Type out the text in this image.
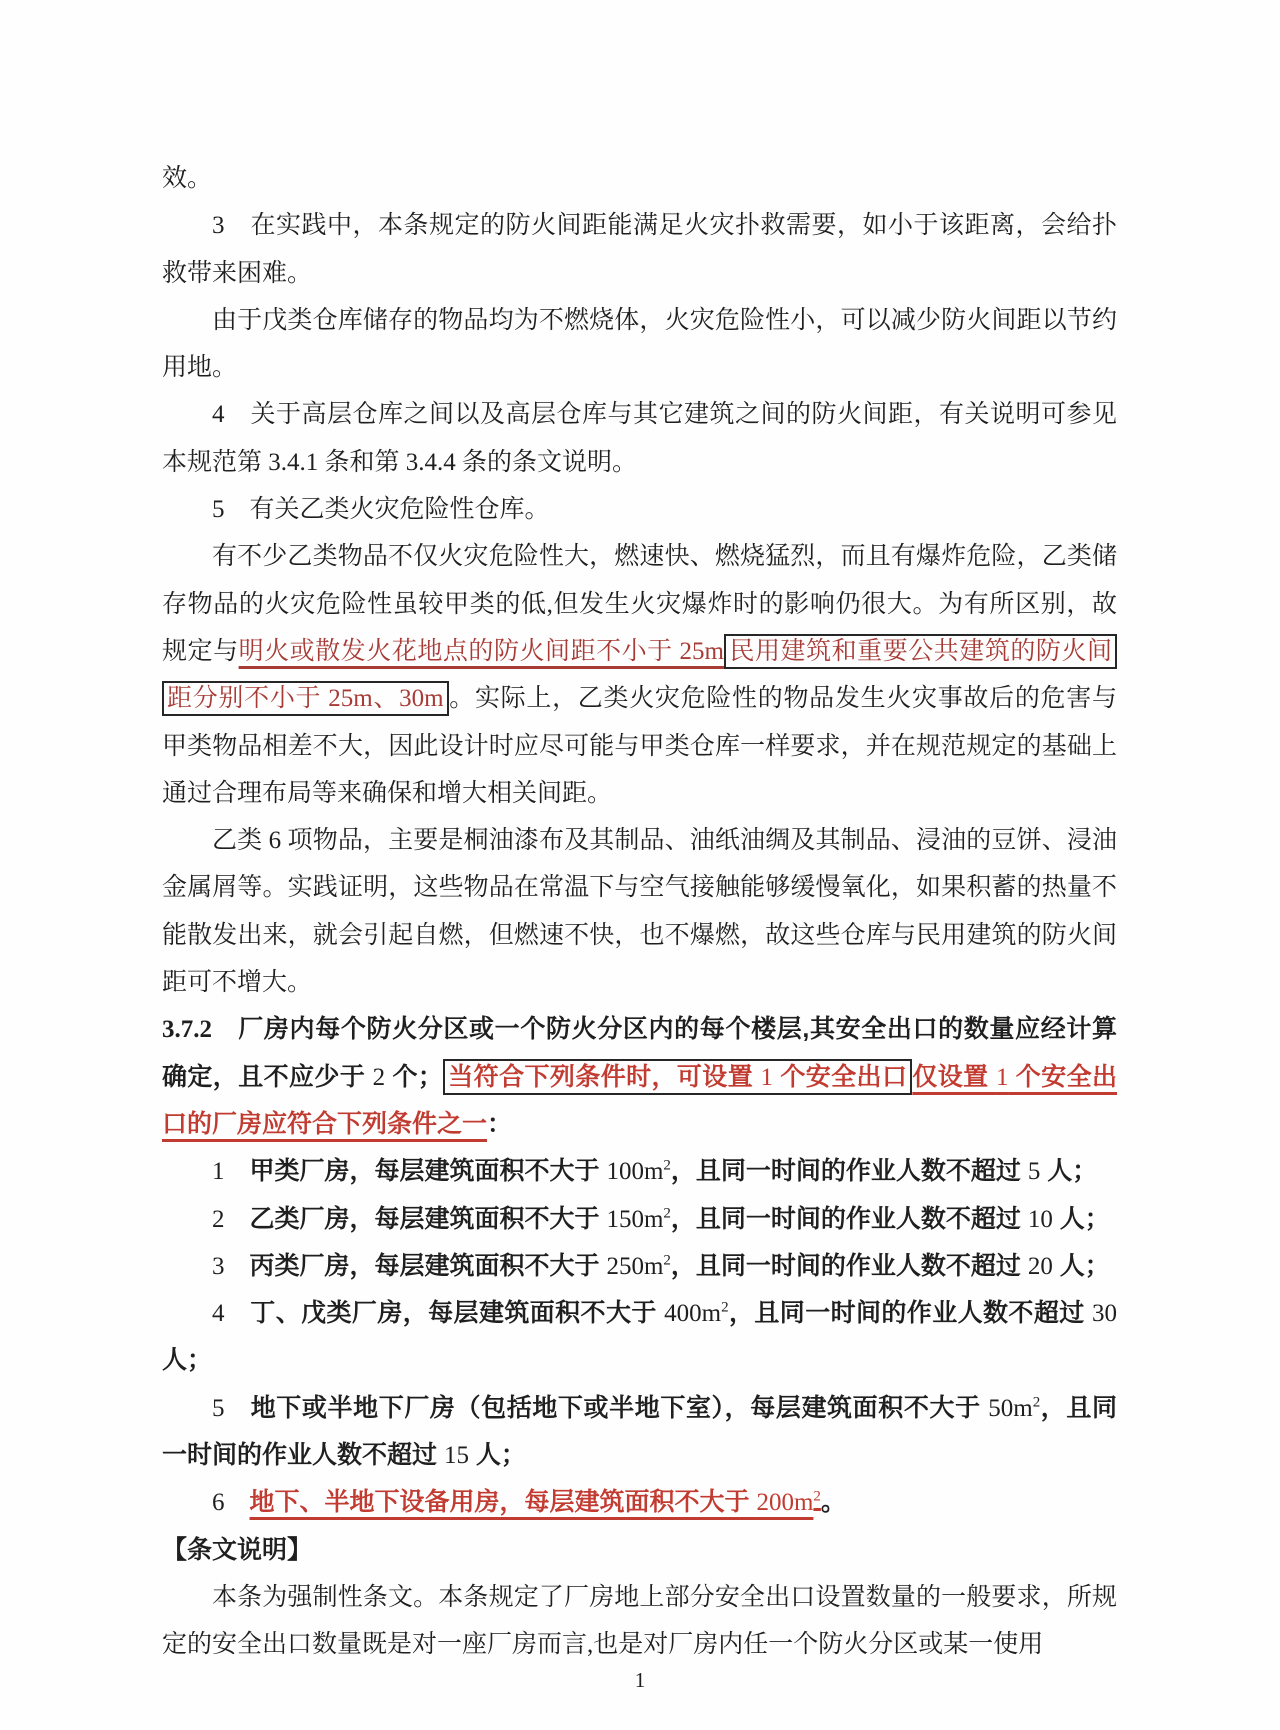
效。

3　在实践中，本条规定的防火间距能满足火灾扑救需要，如小于该距离，会给扑救带来困难。

由于戊类仓库储存的物品均为不燃烧体，火灾危险性小，可以减少防火间距以节约用地。

4　关于高层仓库之间以及高层仓库与其它建筑之间的防火间距，有关说明可参见本规范第 3.4.1 条和第 3.4.4 条的条文说明。

5　有关乙类火灾危险性仓库。

有不少乙类物品不仅火灾危险性大，燃速快、燃烧猛烈，而且有爆炸危险，乙类储存物品的火灾危险性虽较甲类的低,但发生火灾爆炸时的影响仍很大。为有所区别，故规定与明火或散发火花地点的防火间距不小于 25m 民用建筑和重要公共建筑的防火间距分别不小于 25m、30m 。实际上，乙类火灾危险性的物品发生火灾事故后的危害与甲类物品相差不大，因此设计时应尽可能与甲类仓库一样要求，并在规范规定的基础上通过合理布局等来确保和增大相关间距。

乙类 6 项物品，主要是桐油漆布及其制品、油纸油绸及其制品、浸油的豆饼、浸油金属屑等。实践证明，这些物品在常温下与空气接触能够缓慢氧化，如果积蓄的热量不能散发出来，就会引起自燃，但燃速不快，也不爆燃，故这些仓库与民用建筑的防火间距可不增大。

3.7.2　厂房内每个防火分区或一个防火分区内的每个楼层,其安全出口的数量应经计算确定，且不应少于 2 个； 当符合下列条件时，可设置 1 个安全出口 仅设置 1 个安全出口的厂房应符合下列条件之一：

1　甲类厂房，每层建筑面积不大于 $100m^2$，且同一时间的作业人数不超过 5 人；

2　乙类厂房，每层建筑面积不大于 $150m^2$，且同一时间的作业人数不超过 10 人；

3　丙类厂房，每层建筑面积不大于 $250m^2$，且同一时间的作业人数不超过 20 人；

4　丁、戊类厂房，每层建筑面积不大于 $400m^2$，且同一时间的作业人数不超过 30 人；

5　地下或半地下厂房（包括地下或半地下室），每层建筑面积不大于 $50m^2$，且同一时间的作业人数不超过 15 人；

6　 地下、半地下设备用房，每层建筑面积不大于 $200m^2$。

【条文说明】

本条为强制性条文。本条规定了厂房地上部分安全出口设置数量的一般要求，所规定的安全出口数量既是对一座厂房而言,也是对厂房内任一个防火分区或某一使用

1
